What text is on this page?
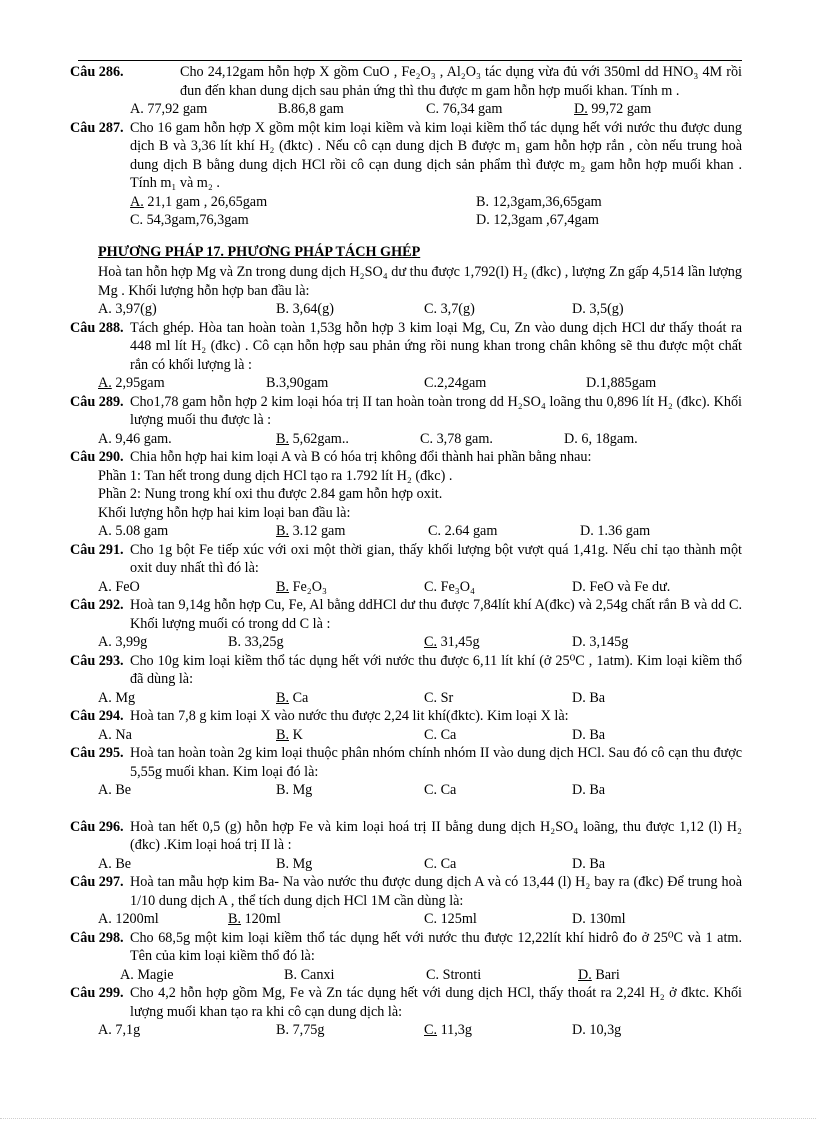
Câu 286.	Cho 24,12gam hỗn hợp X gồm CuO , Fe₂O₃ , Al₂O₃ tác dụng vừa đủ với 350ml dd HNO₃ 4M rồi đun đến khan dung dịch sau phản ứng thì thu được m gam hỗn hợp muối khan. Tính m .
A. 77,92 gam	B.86,8 gam	C. 76,34 gam	D. 99,72 gam
Câu 287. Cho 16 gam hỗn hợp X gồm một kim loại kiềm và kim loại kiềm thổ tác dụng hết với nước thu được dung dịch B và 3,36 lít khí H₂ (đktc) . Nếu cô cạn dung dịch B được m₁ gam hỗn hợp rắn , còn nếu trung hoà dung dịch B bằng dung dịch HCl rồi cô cạn dung dịch sản phẩm thì được m₂ gam hỗn hợp muối khan . Tính m₁ và m₂ .
A. 21,1 gam , 26,65gam	B. 12,3gam,36,65gam
C. 54,3gam,76,3gam	D. 12,3gam ,67,4gam
PHƯƠNG PHÁP 17. PHƯƠNG PHÁP TÁCH GHÉP
Hoà tan hỗn hợp Mg và Zn trong dung dịch H₂SO₄ dư thu được 1,792(l) H₂ (đkc) , lượng Zn gấp 4,514 lần lượng Mg . Khối lượng hỗn hợp ban đầu là:
A. 3,97(g)	B. 3,64(g)	C. 3,7(g)	D. 3,5(g)
Câu 288. Tách ghép. Hòa tan hoàn toàn 1,53g hỗn hợp 3 kim loại Mg, Cu, Zn vào dung dịch HCl dư thấy thoát ra 448 ml lít H₂ (đkc) . Cô cạn hỗn hợp sau phản ứng rồi nung khan trong chân không sẽ thu được một chất rắn có khối lượng là :
A. 2,95gam	B.3,90gam	C.2,24gam	D.1,885gam
Câu 289. Cho1,78 gam hỗn hợp 2 kim loại hóa trị II tan hoàn toàn trong dd H₂SO₄ loãng thu 0,896 lít H₂ (đkc). Khối lượng muối thu được là :
A. 9,46 gam.	B. 5,62gam..	C. 3,78 gam.	D. 6, 18gam.
Câu 290. Chia hỗn hợp hai kim loại A và B có hóa trị không đổi thành hai phần bằng nhau:
Phần 1: Tan hết trong dung dịch HCl tạo ra 1.792 lít H₂ (đkc) .
Phần 2: Nung trong khí oxi thu được 2.84 gam hỗn hợp oxit.
Khối lượng hỗn hợp hai kim loại ban đầu là:
A. 5.08 gam	B. 3.12 gam	C. 2.64 gam	D. 1.36 gam
Câu 291. Cho 1g bột Fe tiếp xúc với oxi một thời gian, thấy khối lượng bột vượt quá 1,41g. Nếu chỉ tạo thành một oxit duy nhất thì đó là:
A. FeO	B. Fe₂O₃	C. Fe₃O₄	D. FeO và Fe dư.
Câu 292. Hoà tan 9,14g hỗn hợp Cu, Fe, Al bằng ddHCl dư thu được 7,84lít khí A(đkc) và 2,54g chất rắn B và dd C. Khối lượng muối có trong dd C là :
A. 3,99g	B. 33,25g	C. 31,45g	D. 3,145g
Câu 293. Cho 10g kim loại kiềm thổ tác dụng hết với nước thu được 6,11 lít khí (ở 25⁰C , 1atm). Kim loại kiềm thổ đã dùng là:
A. Mg	B. Ca	C. Sr	D. Ba
Câu 294. Hoà tan 7,8 g kim loại X vào nước thu được 2,24 lit khí(đktc). Kim loại X là:
A. Na	B. K	C. Ca	D. Ba
Câu 295. Hoà tan hoàn toàn 2g kim loại thuộc phân nhóm chính nhóm II vào dung dịch HCl. Sau đó cô cạn thu được 5,55g muối khan. Kim loại đó là:
A. Be	B. Mg	C. Ca	D. Ba
Câu 296. Hoà tan hết 0,5 (g) hỗn hợp Fe và kim loại hoá trị II bằng dung dịch H₂SO₄ loãng, thu được 1,12 (l) H₂ (đkc) .Kim loại hoá trị II là :
A. Be	B. Mg	C. Ca	D. Ba
Câu 297. Hoà tan mẫu hợp kim Ba- Na vào nước thu được dung dịch A và có 13,44 (l) H₂ bay ra (đkc) Để trung hoà 1/10 dung dịch A , thể tích dung dịch HCl 1M cần dùng là:
A. 1200ml	B. 120ml	C. 125ml	D. 130ml
Câu 298. Cho 68,5g một kim loại kiềm thổ tác dụng hết với nước thu được 12,22lít khí hidrô đo ở 25⁰C và 1 atm. Tên của kim loại kiềm thổ đó là:
A. Magie	B. Canxi	C. Stronti	D. Bari
Câu 299. Cho 4,2 hỗn hợp gồm Mg, Fe và Zn tác dụng hết với dung dịch HCl, thấy thoát ra 2,24l H₂ ở đktc. Khối lượng muối khan tạo ra khi cô cạn dung dịch là:
A. 7,1g	B. 7,75g	C. 11,3g	D. 10,3g
